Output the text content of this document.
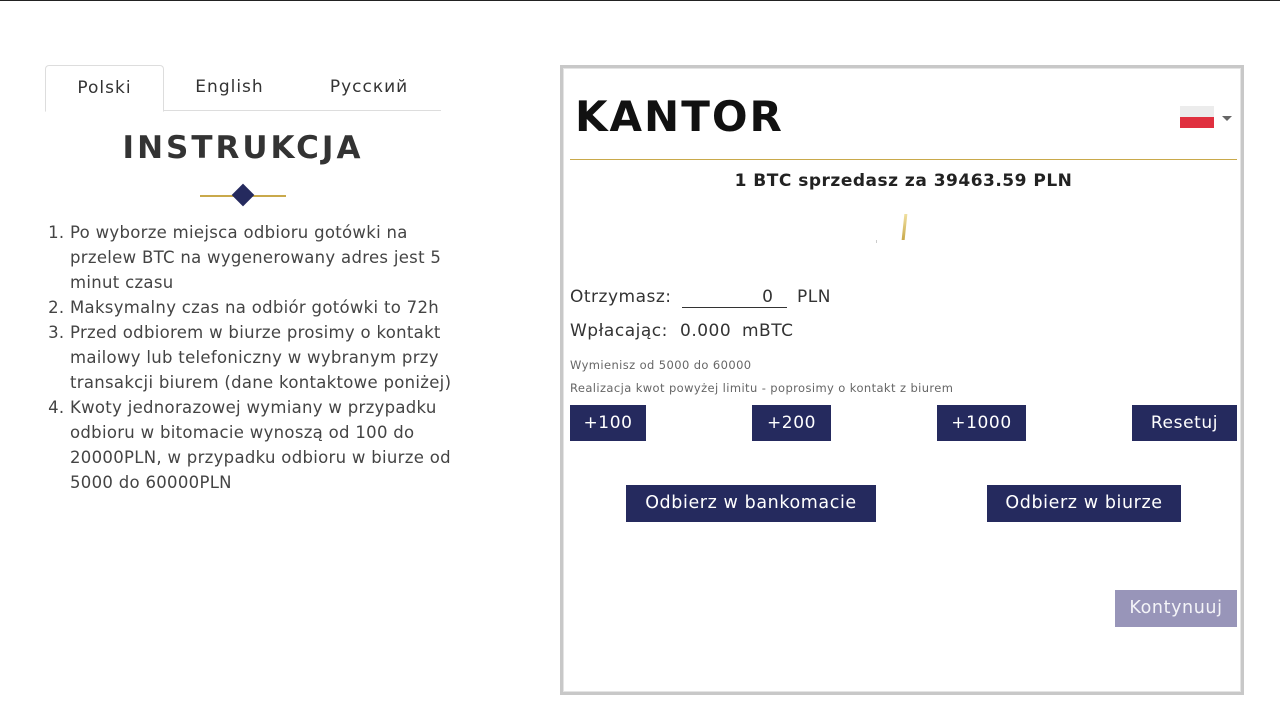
Polski	English	Русский
INSTRUKCJA
1. Po wyborze miejsca odbioru gotówki na przelew BTC na wygenerowany adres jest 5 minut czasu
2. Maksymalny czas na odbiór gotówki to 72h
3. Przed odbiorem w biurze prosimy o kontakt mailowy lub telefoniczny w wybranym przy transakcji biurem (dane kontaktowe poniżej)
4. Kwoty jednorazowej wymiany w przypadku odbioru w bitomacie wynoszą od 100 do 20000PLN, w przypadku odbioru w biurze od 5000 do 60000PLN
KANTOR
1 BTC sprzedasz za 39463.59 PLN
Otrzymasz:
0	PLN
Wpłacając: 0.000 mBTC
Wymienisz od 5000 do 60000
Realizacja kwot powyżej limitu - poprosimy o kontakt z biurem
+100	+200	+1000	Resetuj
Odbierz w bankomacie	Odbierz w biurze
Kontynuuj
